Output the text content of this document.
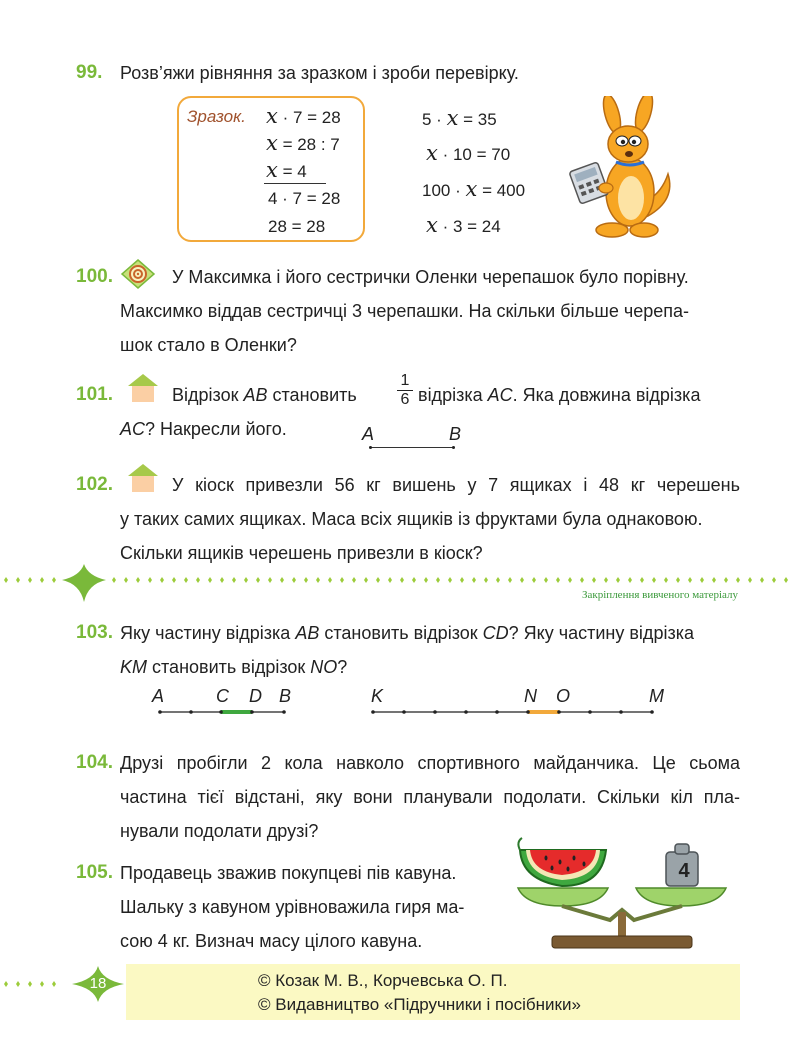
99. Розв’яжи рівняння за зразком і зроби перевірку.
Зразок. x · 7 = 28
x = 28 : 7
x = 4
4 · 7 = 28
28 = 28
5 · x = 35
x · 10 = 70
100 · x = 400
x · 3 = 24
100.	У Максимка і його сестрички Оленки черепашок було порівну.
Максимко віддав сестричці 3 черепашки. На скільки більше черепа-
шок стало в Оленки?
101.	Відрізок AB становить
1
6 відрізка AC. Яка довжина відрізка
AC? Накресли його.	A	B
102.	У кіоск привезли 56 кг вишень у 7 ящиках і 48 кг черешень
у таких самих ящиках. Маса всіх ящиків із фруктами була однаковою.
Скільки ящиків черешень привезли в кіоск?
Закріплення вивченого матеріалу
103. Яку частину відрізка AB становить відрізок CD? Яку частину відрізка
KM становить відрізок NO?
A	C D B	K	N O	M
104. Друзі пробігли 2 кола навколо спортивного майданчика. Це сьома
частина тієї відстані, яку вони планували подолати. Скільки кіл пла-
нували подолати друзі?
105. Продавець зважив покупцеві пів кавуна.
Шальку з кавуном урівноважила гиря ма-
сою 4 кг. Визнач масу цілого кавуна.
4
18	© Козак М. В., Корчевська О. П.
© Видавництво «Підручники і посібники»
